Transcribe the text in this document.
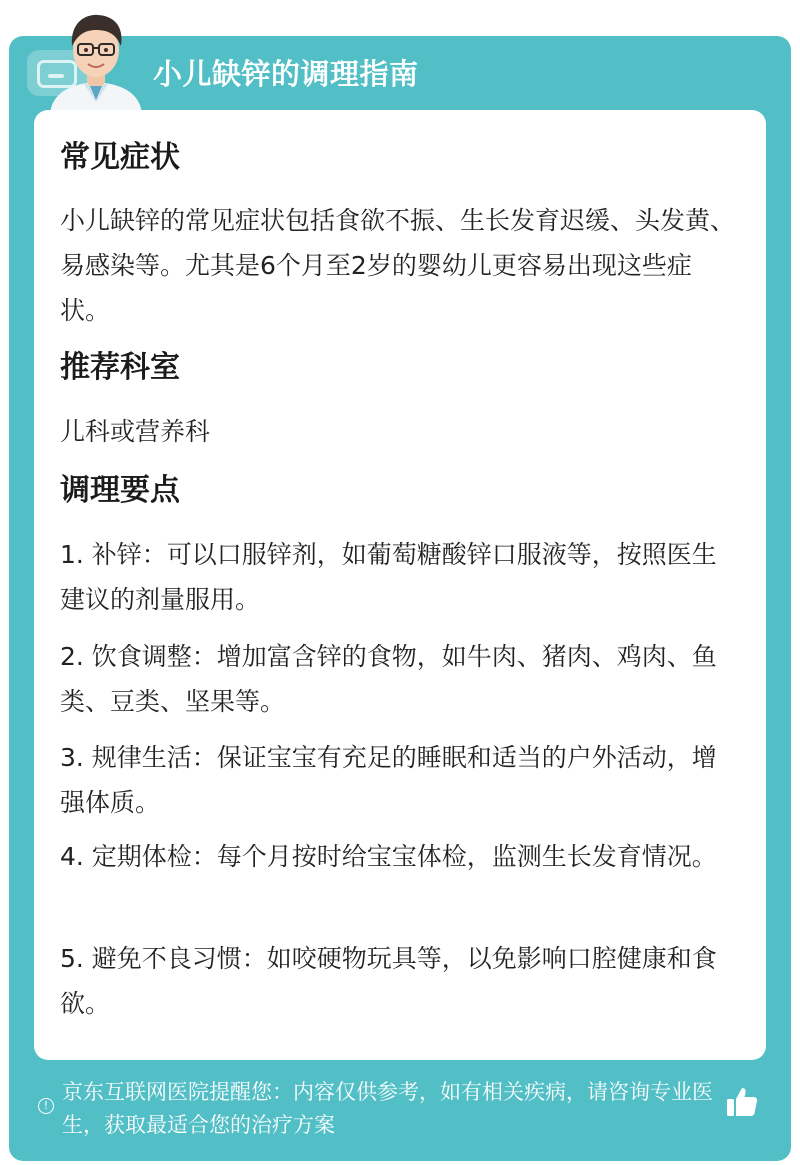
小儿缺锌的调理指南
常见症状

小儿缺锌的常见症状包括食欲不振、生长发育迟缓、头发黄、易感染等。尤其是6个月至2岁的婴幼儿更容易出现这些症状。

推荐科室

儿科或营养科

调理要点

1. 补锌：可以口服锌剂，如葡萄糖酸锌口服液等，按照医生建议的剂量服用。

2. 饮食调整：增加富含锌的食物，如牛肉、猪肉、鸡肉、鱼类、豆类、坚果等。

3. 规律生活：保证宝宝有充足的睡眠和适当的户外活动，增强体质。

4. 定期体检：每个月按时给宝宝体检，监测生长发育情况。

5. 避免不良习惯：如咬硬物玩具等，以免影响口腔健康和食欲。

!
京东互联网医院提醒您：内容仅供参考，如有相关疾病，请咨询专业医生，获取最适合您的治疗方案
